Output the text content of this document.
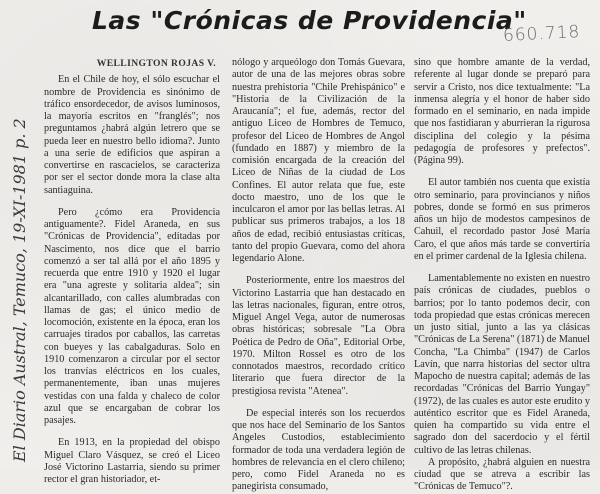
El Diario Austral, Temuco, 19-XI-1981 p. 2
Las "Crónicas de Providencia"
660.718
WELLINGTON ROJAS V.

En el Chile de hoy, el sólo escuchar el nombre de Providencia es sinónimo de tráfico ensordecedor, de avisos luminosos, la mayoría escritos en "franglés"; nos preguntamos ¿habrá algún letrero que se pueda leer en nuestro bello idioma?. Junto a una serie de edificios que aspiran a convertirse en rascacielos, se caracteriza por ser el sector donde mora la clase alta santiaguina.

Pero ¿cómo era Providencia antiguamente?. Fidel Araneda, en sus "Crónicas de Providencia", editadas por Nascimento, nos dice que el barrio comenzó a ser tal allá por el año 1895 y recuerda que entre 1910 y 1920 el lugar era "una agreste y solitaria aldea"; sin alcantarillado, con calles alumbradas con llamas de gas; el único medio de locomoción, existente en la época, eran los carruajes tirados por caballos, las carretas con bueyes y las cabalgaduras. Solo en 1910 comenzaron a circular por el sector los tranvías eléctricos en los cuales, permanentemente, iban unas mujeres vestidas con una falda y chaleco de color azul que se encargaban de cobrar los pasajes.

En 1913, en la propiedad del obispo Miguel Claro Vásquez, se creó el Liceo José Victorino Lastarria, siendo su primer rector el gran historiador, et-

nólogo y arqueólogo don Tomás Guevara, autor de una de las mejores obras sobre nuestra prehistoria "Chile Prehispánico" e "Historia de la Civilización de la Araucanía"; el fue, además, rector del antiguo Liceo de Hombres de Temuco, profesor del Liceo de Hombres de Angol (fundado en 1887) y miembro de la comisión encargada de la creación del Liceo de Niñas de la ciudad de Los Confines. El autor relata que fue, este docto maestro, uno de los que le inculcaron el amor por las bellas letras. Al publicar sus primeros trabajos, a los 18 años de edad, recibió entusiastas críticas, tanto del propio Guevara, como del ahora legendario Alone.

Posteriormente, entre los maestros del Victorino Lastarria que han destacado en las letras nacionales, figuran, entre otros, Miguel Angel Vega, autor de numerosas obras históricas; sobresale "La Obra Poética de Pedro de Oña", Editorial Orbe, 1970. Milton Rossel es otro de los connotados maestros, recordado crítico literario que fuera director de la prestigiosa revista "Atenea".

De especial interés son los recuerdos que nos hace del Seminario de los Santos Angeles Custodios, establecimiento formador de toda una verdadera legión de hombres de relevancia en el clero chileno; pero, como Fidel Araneda no es panegirista consumado,

sino que hombre amante de la verdad, referente al lugar donde se preparó para servir a Cristo, nos dice textualmente: "La inmensa alegría y el honor de haber sido formado en el seminario, en nada impide que nos fastidiaran y aburrieran la rigurosa disciplina del colegio y la pésima pedagogía de profesores y prefectos". (Página 99).

El autor también nos cuenta que existía otro seminario, para provincianos y niños pobres, donde se formó en sus primeros años un hijo de modestos campesinos de Cahuil, el recordado pastor José María Caro, el que años más tarde se convertiría en el primer cardenal de la Iglesia chilena.

Lamentablemente no existen en nuestro país crónicas de ciudades, pueblos o barrios; por lo tanto podemos decir, con toda propiedad que estas crónicas merecen un justo sitial, junto a las ya clásicas "Crónicas de La Serena" (1871) de Manuel Concha, "La Chimba" (1947) de Carlos Lavín, que narra historias del sector ultra Mapocho de nuestra capital; además de las recordadas "Crónicas del Barrio Yungay" (1972), de las cuales es autor este erudito y auténtico escritor que es Fidel Araneda, quien ha compartido su vida entre el sagrado don del sacerdocio y el fértil cultivo de las letras chilenas.

A propósito, ¿habrá alguien en nuestra ciudad que se atreva a escribir las "Crónicas de Temuco"?.
